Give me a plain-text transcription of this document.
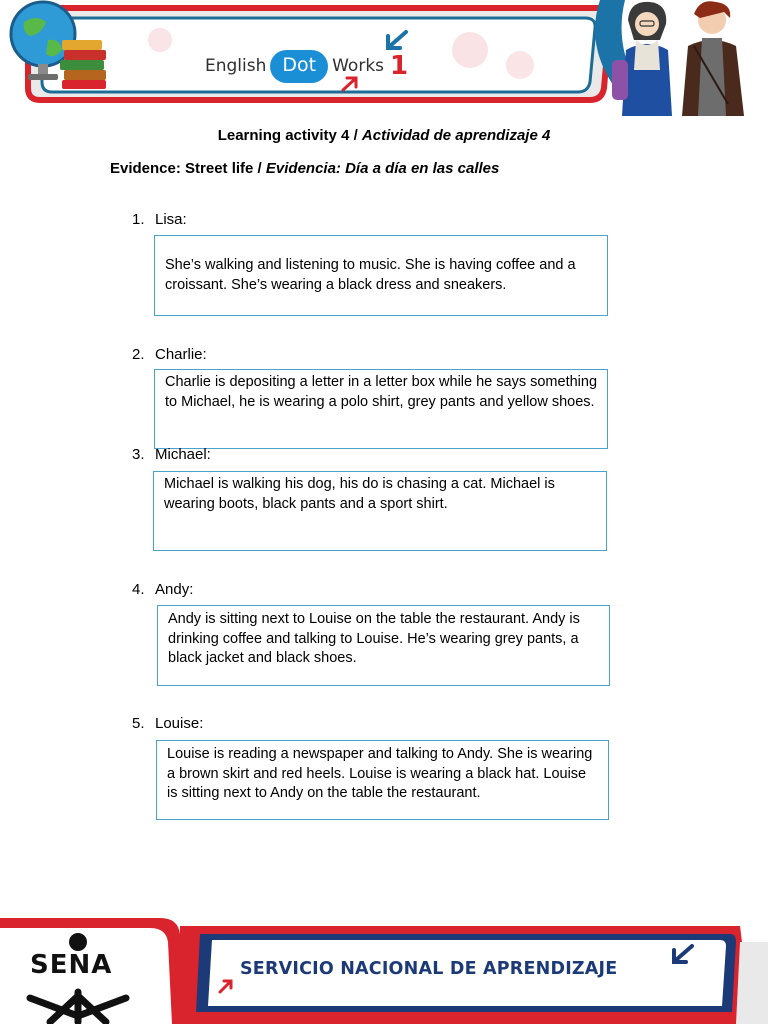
English Dot Works 1
Learning activity 4 / Actividad de aprendizaje 4
Evidence: Street life / Evidencia: Día a día en las calles
1. Lisa:
She’s walking and listening to music. She is having coffee and a croissant. She’s wearing a black dress and sneakers.
2. Charlie:
Charlie is depositing a letter in a letter box while he says something to Michael, he is wearing a polo shirt, grey pants and yellow shoes.
3. Michael:
Michael is walking his dog, his do is chasing a cat. Michael is wearing boots, black pants and a sport shirt.
4. Andy:
Andy is sitting next to Louise on the table the restaurant. Andy is drinking coffee and talking to Louise. He’s wearing grey pants, a black jacket and black shoes.
5. Louise:
Louise is reading a newspaper and talking to Andy. She is wearing a brown skirt and red heels. Louise is wearing a black hat. Louise is sitting next to Andy on the table the restaurant.
SENA	SERVICIO NACIONAL DE APRENDIZAJE
